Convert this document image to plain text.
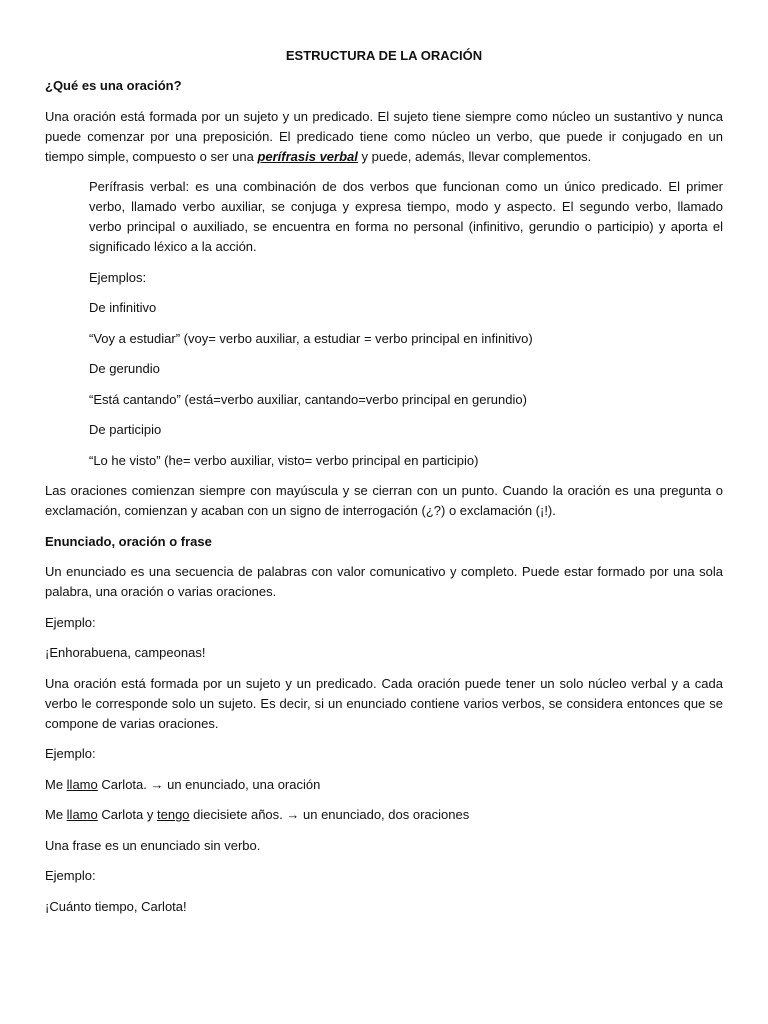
ESTRUCTURA DE LA ORACIÓN

¿Qué es una oración?

Una oración está formada por un sujeto y un predicado. El sujeto tiene siempre como núcleo un sustantivo y nunca puede comenzar por una preposición. El predicado tiene como núcleo un verbo, que puede ir conjugado en un tiempo simple, compuesto o ser una perífrasis verbal y puede, además, llevar complementos.

Perífrasis verbal: es una combinación de dos verbos que funcionan como un único predicado. El primer verbo, llamado verbo auxiliar, se conjuga y expresa tiempo, modo y aspecto. El segundo verbo, llamado verbo principal o auxiliado, se encuentra en forma no personal (infinitivo, gerundio o participio) y aporta el significado léxico a la acción.

Ejemplos:

De infinitivo

“Voy a estudiar” (voy= verbo auxiliar, a estudiar = verbo principal en infinitivo)

De gerundio

“Está cantando” (está=verbo auxiliar, cantando=verbo principal en gerundio)

De participio

“Lo he visto” (he= verbo auxiliar, visto= verbo principal en participio)

Las oraciones comienzan siempre con mayúscula y se cierran con un punto. Cuando la oración es una pregunta o exclamación, comienzan y acaban con un signo de interrogación (¿?) o exclamación (¡!).

Enunciado, oración o frase

Un enunciado es una secuencia de palabras con valor comunicativo y completo. Puede estar formado por una sola palabra, una oración o varias oraciones.

Ejemplo:

¡Enhorabuena, campeonas!

Una oración está formada por un sujeto y un predicado. Cada oración puede tener un solo núcleo verbal y a cada verbo le corresponde solo un sujeto. Es decir, si un enunciado contiene varios verbos, se considera entonces que se compone de varias oraciones.

Ejemplo:

Me llamo Carlota. → un enunciado, una oración

Me llamo Carlota y tengo diecisiete años. → un enunciado, dos oraciones

Una frase es un enunciado sin verbo.

Ejemplo:

¡Cuánto tiempo, Carlota!
